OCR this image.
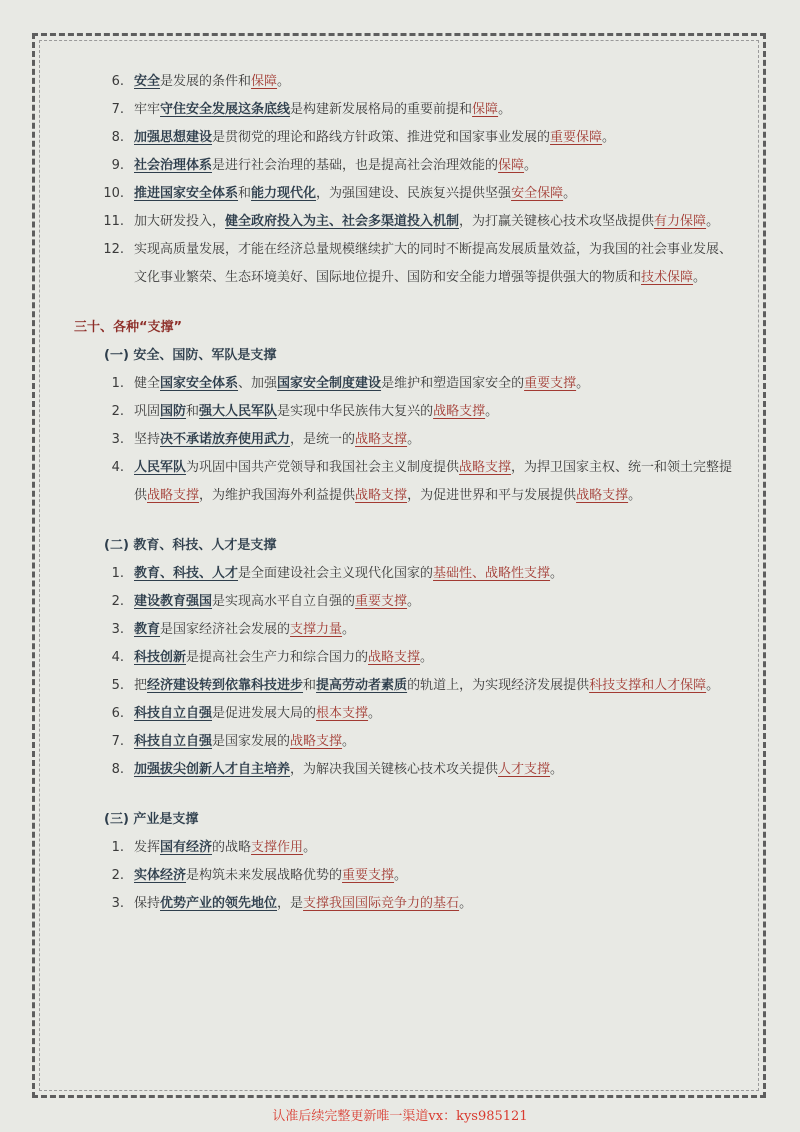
6. 安全是发展的条件和保障。
7. 牢牢守住安全发展这条底线是构建新发展格局的重要前提和保障。
8. 加强思想建设是贯彻党的理论和路线方针政策、推进党和国家事业发展的重要保障。
9. 社会治理体系是进行社会治理的基础，也是提高社会治理效能的保障。
10. 推进国家安全体系和能力现代化，为强国建设、民族复兴提供坚强安全保障。
11. 加大研发投入，健全政府投入为主、社会多渠道投入机制，为打赢关键核心技术攻坚战提供有力保障。
12. 实现高质量发展，才能在经济总量规模继续扩大的同时不断提高发展质量效益，为我国的社会事业发展、文化事业繁荣、生态环境美好、国际地位提升、国防和安全能力增强等提供强大的物质和技术保障。
三十、各种“支撑”
(一) 安全、国防、军队是支撑
1. 健全国家安全体系、加强国家安全制度建设是维护和塑造国家安全的重要支撑。
2. 巩固国防和强大人民军队是实现中华民族伟大复兴的战略支撑。
3. 坚持决不承诺放弃使用武力，是统一的战略支撑。
4. 人民军队为巩固中国共产党领导和我国社会主义制度提供战略支撑，为捍卫国家主权、统一和领土完整提供战略支撑，为维护我国海外利益提供战略支撑，为促进世界和平与发展提供战略支撑。
(二) 教育、科技、人才是支撑
1. 教育、科技、人才是全面建设社会主义现代化国家的基础性、战略性支撑。
2. 建设教育强国是实现高水平自立自强的重要支撑。
3. 教育是国家经济社会发展的支撑力量。
4. 科技创新是提高社会生产力和综合国力的战略支撑。
5. 把经济建设转到依靠科技进步和提高劳动者素质的轨道上，为实现经济发展提供科技支撑和人才保障。
6. 科技自立自强是促进发展大局的根本支撑。
7. 科技自立自强是国家发展的战略支撑。
8. 加强拔尖创新人才自主培养，为解决我国关键核心技术攻关提供人才支撑。
(三) 产业是支撑
1. 发挥国有经济的战略支撑作用。
2. 实体经济是构筑未来发展战略优势的重要支撑。
3. 保持优势产业的领先地位，是支撑我国国际竞争力的基石。
认准后续完整更新唯一渠道vx：kys985121
